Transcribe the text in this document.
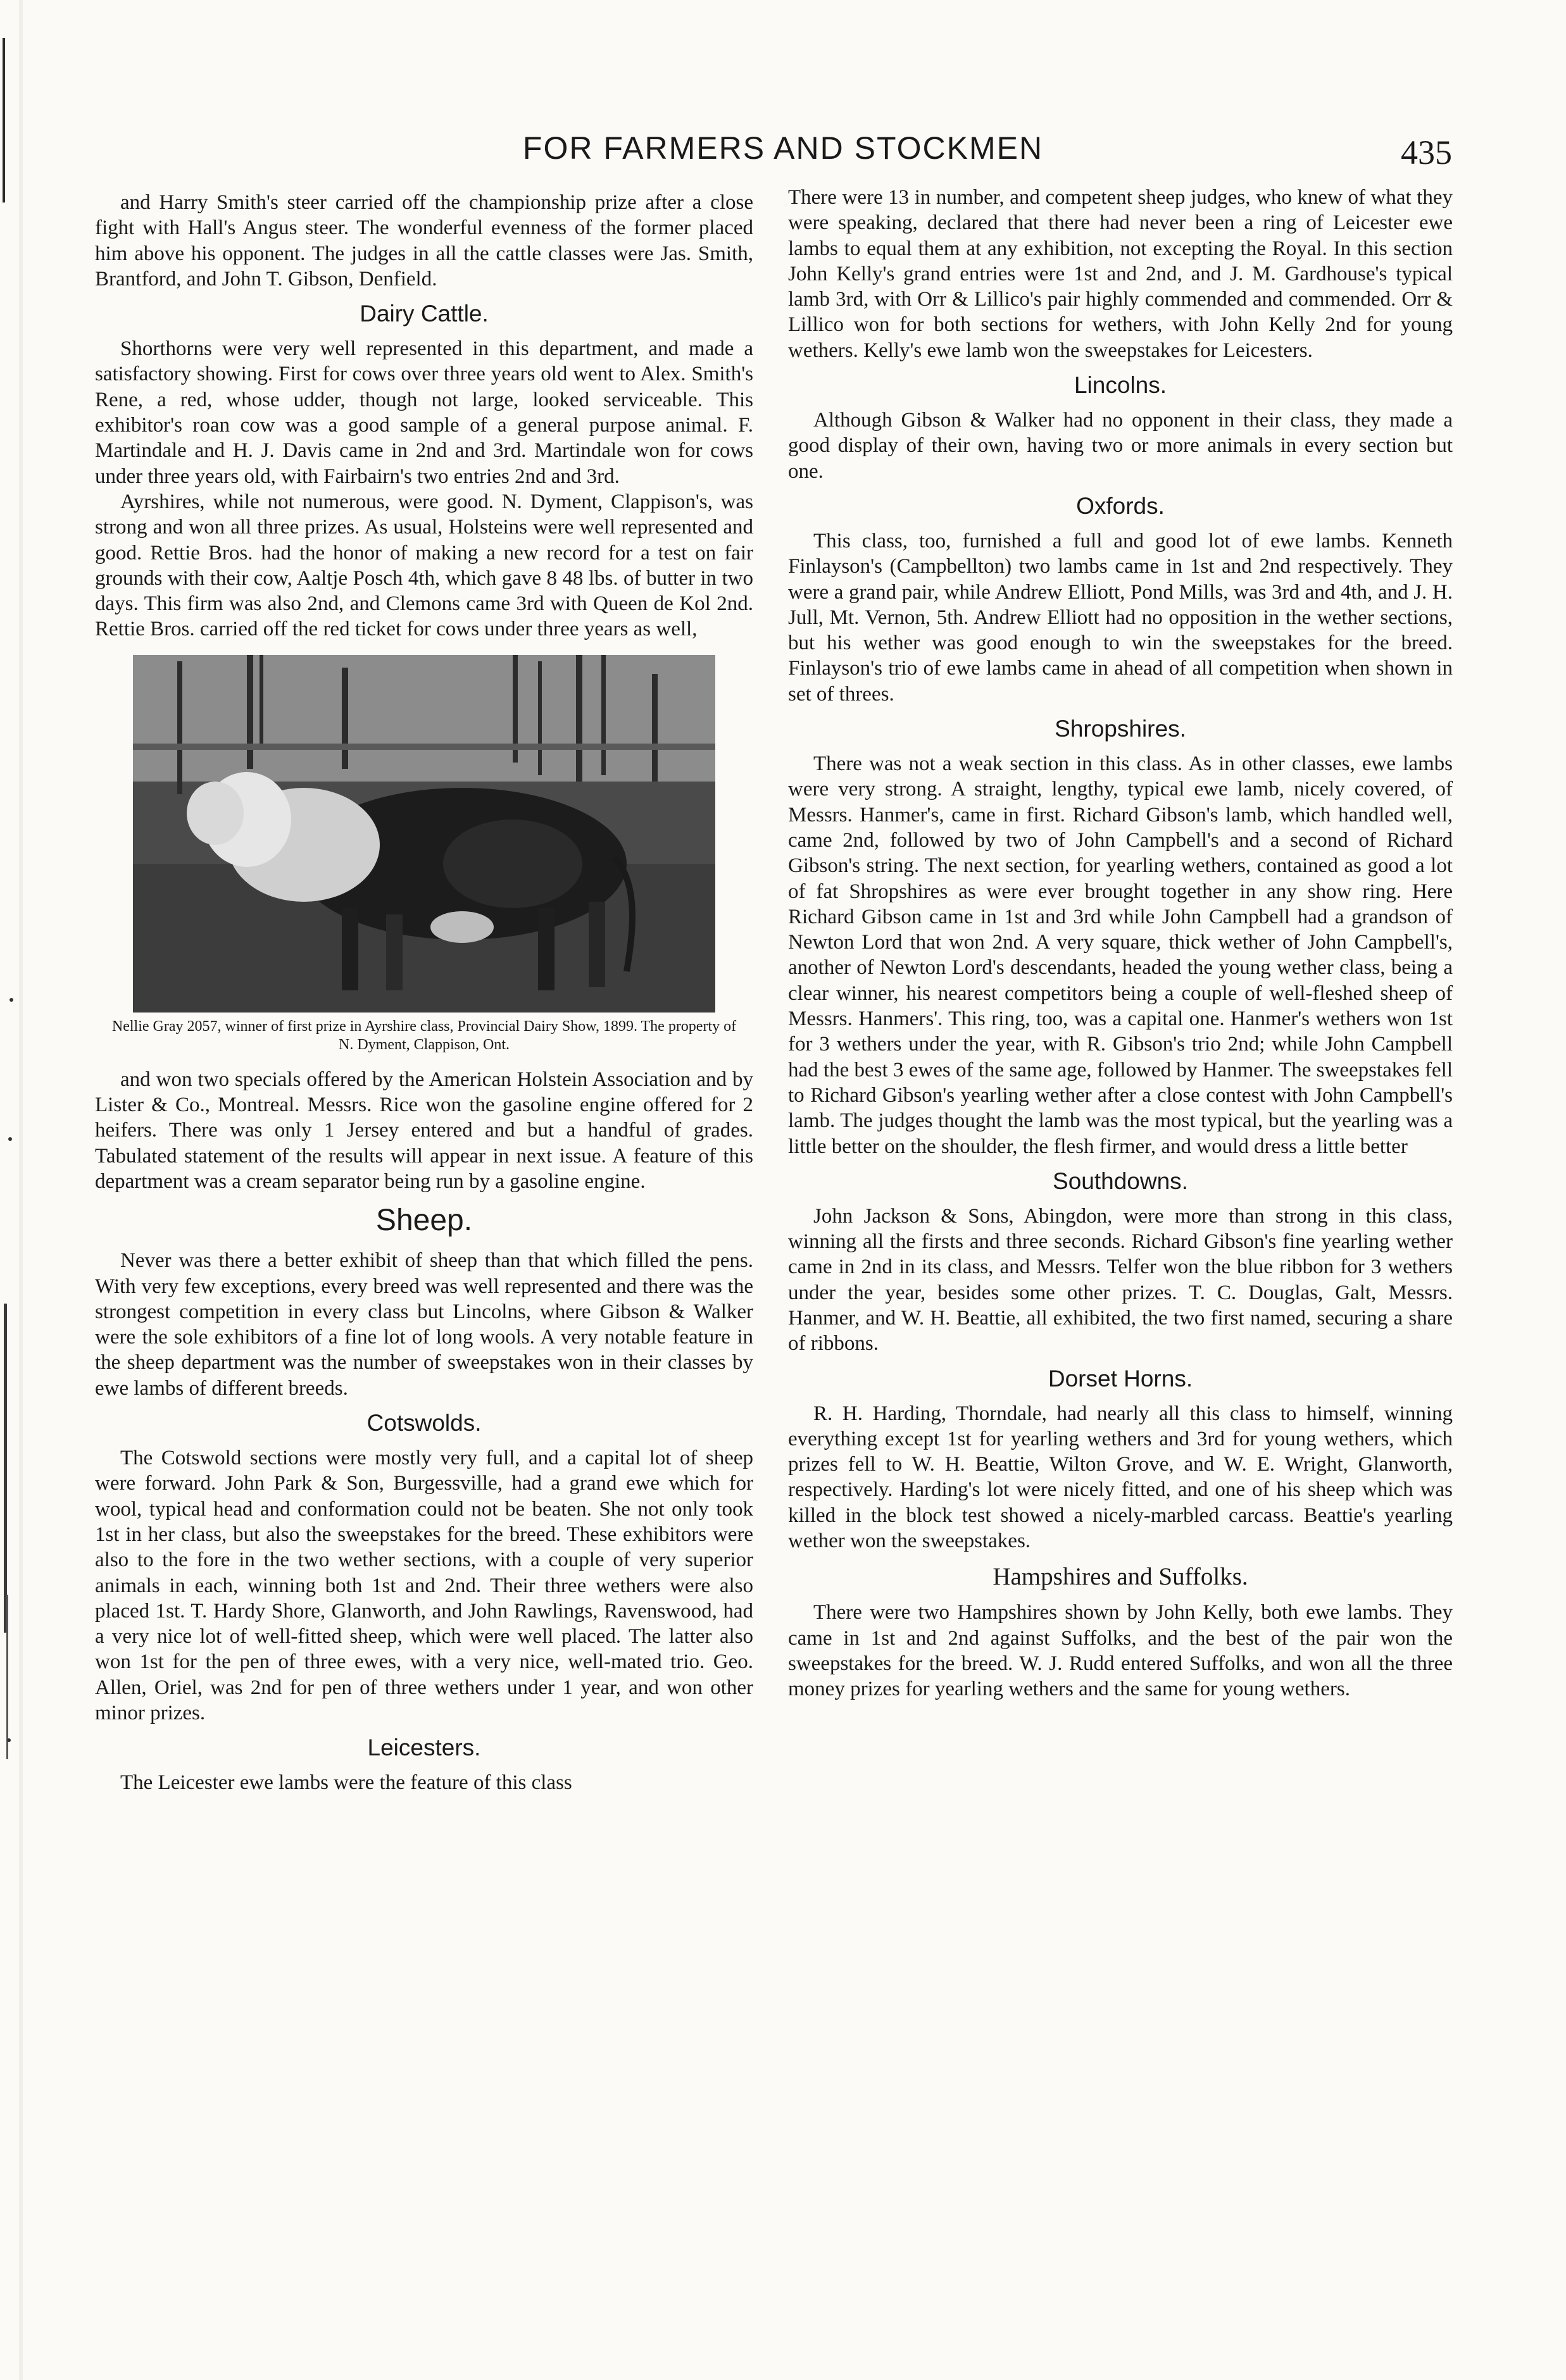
FOR FARMERS AND STOCKMEN	435

and Harry Smith's steer carried off the championship prize after a close fight with Hall's Angus steer. The wonderful evenness of the former placed him above his opponent. The judges in all the cattle classes were Jas. Smith, Brantford, and John T. Gibson, Denfield.

Dairy Cattle.

Shorthorns were very well represented in this department, and made a satisfactory showing. First for cows over three years old went to Alex. Smith's Rene, a red, whose udder, though not large, looked serviceable. This exhibitor's roan cow was a good sample of a general purpose animal. F. Martindale and H. J. Davis came in 2nd and 3rd. Martindale won for cows under three years old, with Fairbairn's two entries 2nd and 3rd.

Ayrshires, while not numerous, were good. N. Dyment, Clappison's, was strong and won all three prizes. As usual, Holsteins were well represented and good. Rettie Bros. had the honor of making a new record for a test on fair grounds with their cow, Aaltje Posch 4th, which gave 8 48 lbs. of butter in two days. This firm was also 2nd, and Clemons came 3rd with Queen de Kol 2nd. Rettie Bros. carried off the red ticket for cows under three years as well,

Nellie Gray 2057, winner of first prize in Ayrshire class, Provincial Dairy Show, 1899. The property of N. Dyment, Clappison, Ont.

and won two specials offered by the American Holstein Association and by Lister & Co., Montreal. Messrs. Rice won the gasoline engine offered for 2 heifers. There was only 1 Jersey entered and but a handful of grades. Tabulated statement of the results will appear in next issue. A feature of this department was a cream separator being run by a gasoline engine.

Sheep.

Never was there a better exhibit of sheep than that which filled the pens. With very few exceptions, every breed was well represented and there was the strongest competition in every class but Lincolns, where Gibson & Walker were the sole exhibitors of a fine lot of long wools. A very notable feature in the sheep department was the number of sweepstakes won in their classes by ewe lambs of different breeds.

Cotswolds.

The Cotswold sections were mostly very full, and a capital lot of sheep were forward. John Park & Son, Burgessville, had a grand ewe which for wool, typical head and conformation could not be beaten. She not only took 1st in her class, but also the sweepstakes for the breed. These exhibitors were also to the fore in the two wether sections, with a couple of very superior animals in each, winning both 1st and 2nd. Their three wethers were also placed 1st. T. Hardy Shore, Glanworth, and John Rawlings, Ravenswood, had a very nice lot of well-fitted sheep, which were well placed. The latter also won 1st for the pen of three ewes, with a very nice, well-mated trio. Geo. Allen, Oriel, was 2nd for pen of three wethers under 1 year, and won other minor prizes.

Leicesters.

The Leicester ewe lambs were the feature of this class

There were 13 in number, and competent sheep judges, who knew of what they were speaking, declared that there had never been a ring of Leicester ewe lambs to equal them at any exhibition, not excepting the Royal. In this section John Kelly's grand entries were 1st and 2nd, and J. M. Gardhouse's typical lamb 3rd, with Orr & Lillico's pair highly commended and commended. Orr & Lillico won for both sections for wethers, with John Kelly 2nd for young wethers. Kelly's ewe lamb won the sweepstakes for Leicesters.

Lincolns.

Although Gibson & Walker had no opponent in their class, they made a good display of their own, having two or more animals in every section but one.

Oxfords.

This class, too, furnished a full and good lot of ewe lambs. Kenneth Finlayson's (Campbellton) two lambs came in 1st and 2nd respectively. They were a grand pair, while Andrew Elliott, Pond Mills, was 3rd and 4th, and J. H. Jull, Mt. Vernon, 5th. Andrew Elliott had no opposition in the wether sections, but his wether was good enough to win the sweepstakes for the breed. Finlayson's trio of ewe lambs came in ahead of all competition when shown in set of threes.

Shropshires.

There was not a weak section in this class. As in other classes, ewe lambs were very strong. A straight, lengthy, typical ewe lamb, nicely covered, of Messrs. Hanmer's, came in first. Richard Gibson's lamb, which handled well, came 2nd, followed by two of John Campbell's and a second of Richard Gibson's string. The next section, for yearling wethers, contained as good a lot of fat Shropshires as were ever brought together in any show ring. Here Richard Gibson came in 1st and 3rd while John Campbell had a grandson of Newton Lord that won 2nd. A very square, thick wether of John Campbell's, another of Newton Lord's descendants, headed the young wether class, being a clear winner, his nearest competitors being a couple of well-fleshed sheep of Messrs. Hanmers'. This ring, too, was a capital one. Hanmer's wethers won 1st for 3 wethers under the year, with R. Gibson's trio 2nd; while John Campbell had the best 3 ewes of the same age, followed by Hanmer. The sweepstakes fell to Richard Gibson's yearling wether after a close contest with John Campbell's lamb. The judges thought the lamb was the most typical, but the yearling was a little better on the shoulder, the flesh firmer, and would dress a little better

Southdowns.

John Jackson & Sons, Abingdon, were more than strong in this class, winning all the firsts and three seconds. Richard Gibson's fine yearling wether came in 2nd in its class, and Messrs. Telfer won the blue ribbon for 3 wethers under the year, besides some other prizes. T. C. Douglas, Galt, Messrs. Hanmer, and W. H. Beattie, all exhibited, the two first named, securing a share of ribbons.

Dorset Horns.

R. H. Harding, Thorndale, had nearly all this class to himself, winning everything except 1st for yearling wethers and 3rd for young wethers, which prizes fell to W. H. Beattie, Wilton Grove, and W. E. Wright, Glanworth, respectively. Harding's lot were nicely fitted, and one of his sheep which was killed in the block test showed a nicely-marbled carcass. Beattie's yearling wether won the sweepstakes.

Hampshires and Suffolks.

There were two Hampshires shown by John Kelly, both ewe lambs. They came in 1st and 2nd against Suffolks, and the best of the pair won the sweepstakes for the breed. W. J. Rudd entered Suffolks, and won all the three money prizes for yearling wethers and the same for young wethers.
